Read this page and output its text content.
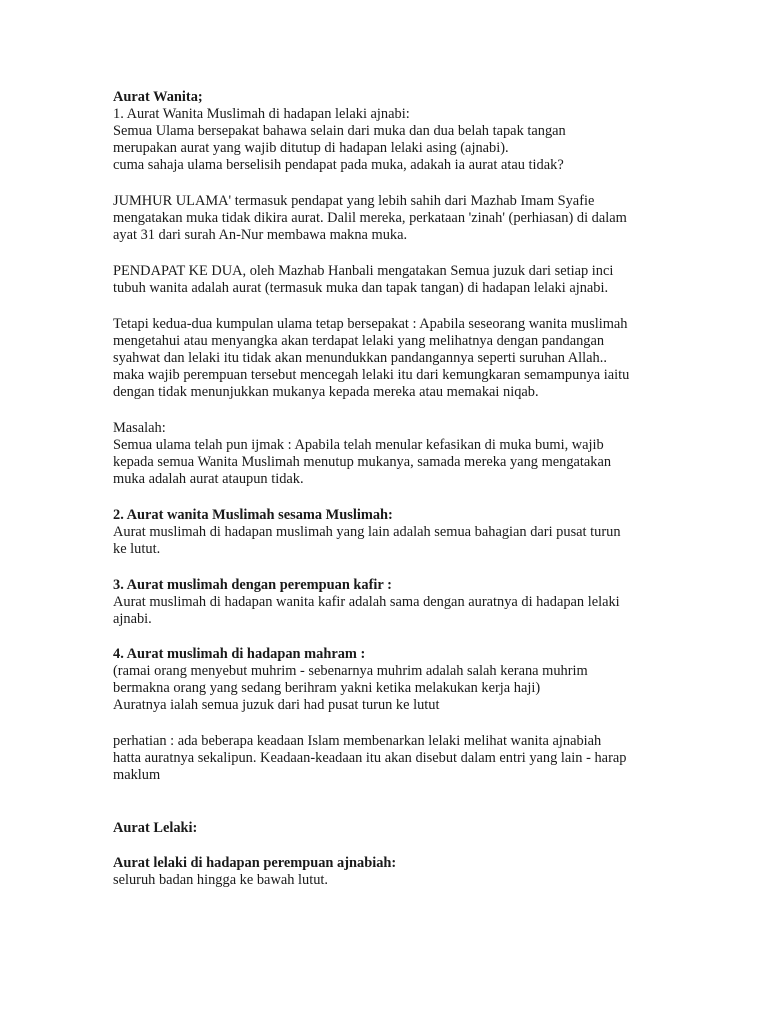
Aurat Wanita;
1. Aurat Wanita Muslimah di hadapan lelaki ajnabi:
Semua Ulama bersepakat bahawa selain dari muka dan dua belah tapak tangan
merupakan aurat yang wajib ditutup di hadapan lelaki asing (ajnabi).
cuma sahaja ulama berselisih pendapat pada muka, adakah ia aurat atau tidak?
JUMHUR ULAMA' termasuk pendapat yang lebih sahih dari Mazhab Imam Syafie
mengatakan muka tidak dikira aurat. Dalil mereka, perkataan 'zinah' (perhiasan) di dalam
ayat 31 dari surah An-Nur membawa makna muka.
PENDAPAT KE DUA, oleh Mazhab Hanbali mengatakan Semua juzuk dari setiap inci
tubuh wanita adalah aurat (termasuk muka dan tapak tangan) di hadapan lelaki ajnabi.
Tetapi kedua-dua kumpulan ulama tetap bersepakat : Apabila seseorang wanita muslimah
mengetahui atau menyangka akan terdapat lelaki yang melihatnya dengan pandangan
syahwat dan lelaki itu tidak akan menundukkan pandangannya seperti suruhan Allah..
maka wajib perempuan tersebut mencegah lelaki itu dari kemungkaran semampunya iaitu
dengan tidak menunjukkan mukanya kepada mereka atau memakai niqab.
Masalah:
Semua ulama telah pun ijmak : Apabila telah menular kefasikan di muka bumi, wajib
kepada semua Wanita Muslimah menutup mukanya, samada mereka yang mengatakan
muka adalah aurat ataupun tidak.
2. Aurat wanita Muslimah sesama Muslimah:
Aurat muslimah di hadapan muslimah yang lain adalah semua bahagian dari pusat turun
ke lutut.
3. Aurat muslimah dengan perempuan kafir :
Aurat muslimah di hadapan wanita kafir adalah sama dengan auratnya di hadapan lelaki
ajnabi.
4. Aurat muslimah di hadapan mahram :
(ramai orang menyebut muhrim - sebenarnya muhrim adalah salah kerana muhrim
bermakna orang yang sedang berihram yakni ketika melakukan kerja haji)
Auratnya ialah semua juzuk dari had pusat turun ke lutut
perhatian : ada beberapa keadaan Islam membenarkan lelaki melihat wanita ajnabiah
hatta auratnya sekalipun. Keadaan-keadaan itu akan disebut dalam entri yang lain - harap
maklum
Aurat Lelaki:
Aurat lelaki di hadapan perempuan ajnabiah:
seluruh badan hingga ke bawah lutut.
